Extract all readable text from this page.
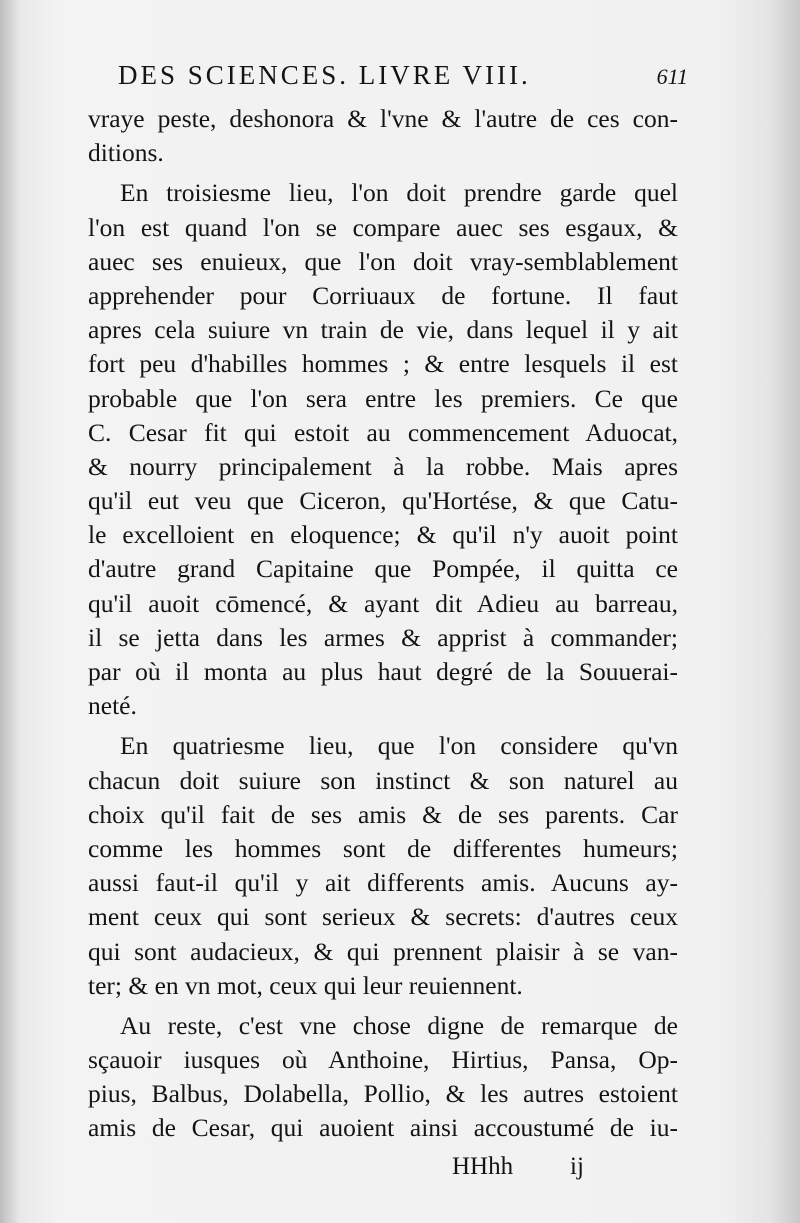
DES SCIENCES. LIVRE VIII.	611
vraye peste, deshonora & l'vne & l'autre de ces con-
ditions.
En troisiesme lieu, l'on doit prendre garde quel
l'on est quand l'on se compare auec ses esgaux, &
auec ses enuieux, que l'on doit vray-semblablement
apprehender pour Corriuaux de fortune. Il faut
apres cela suiure vn train de vie, dans lequel il y ait
fort peu d'habilles hommes ; & entre lesquels il est
probable que l'on sera entre les premiers. Ce que
C. Cesar fit qui estoit au commencement Aduocat,
& nourry principalement à la robbe. Mais apres
qu'il eut veu que Ciceron, qu'Hortése, & que Catu-
le excelloient en eloquence; & qu'il n'y auoit point
d'autre grand Capitaine que Pompée, il quitta ce
qu'il auoit cōmencé, & ayant dit Adieu au barreau,
il se jetta dans les armes & apprist à commander;
par où il monta au plus haut degré de la Souuerai-
neté.
En quatriesme lieu, que l'on considere qu'vn
chacun doit suiure son instinct & son naturel au
choix qu'il fait de ses amis & de ses parents. Car
comme les hommes sont de differentes humeurs;
aussi faut-il qu'il y ait differents amis. Aucuns ay-
ment ceux qui sont serieux & secrets: d'autres ceux
qui sont audacieux, & qui prennent plaisir à se van-
ter; & en vn mot, ceux qui leur reuiennent.
Au reste, c'est vne chose digne de remarque de
sçauoir iusques où Anthoine, Hirtius, Pansa, Op-
pius, Balbus, Dolabella, Pollio, & les autres estoient
amis de Cesar, qui auoient ainsi accoustumé de iu-
HHhh ij
